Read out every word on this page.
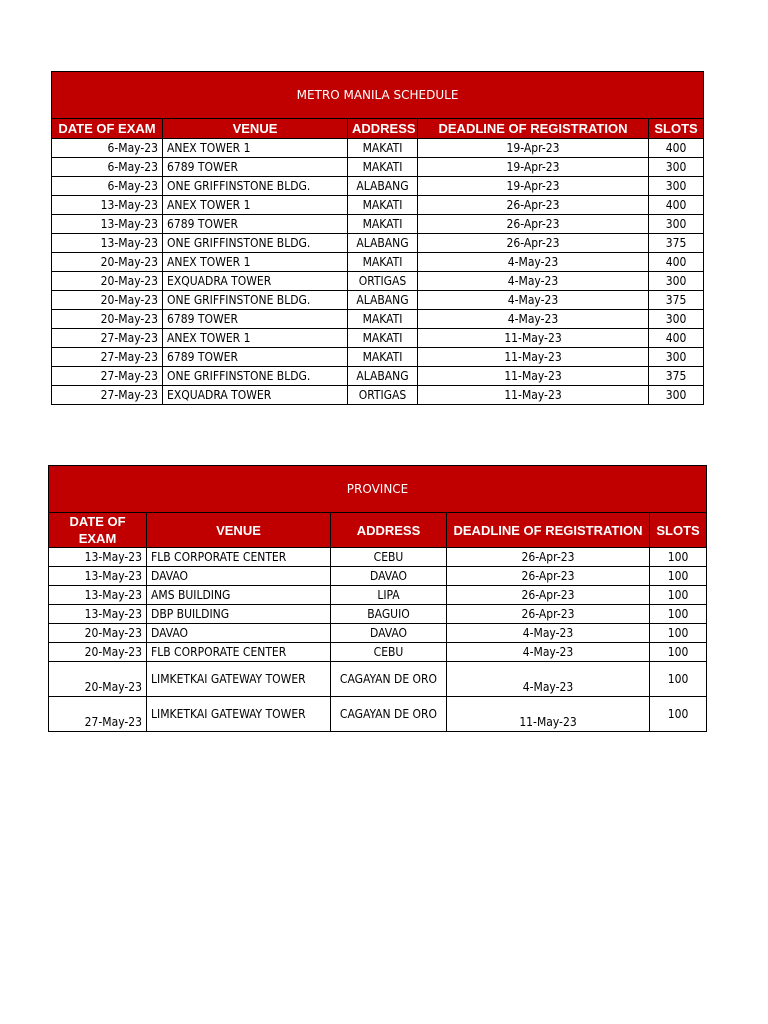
METRO MANILA SCHEDULE				
DATE OF EXAM	VENUE	ADDRESS	DEADLINE OF REGISTRATION	SLOTS
6-May-23	ANEX TOWER 1	MAKATI	19-Apr-23	400
6-May-23	6789 TOWER	MAKATI	19-Apr-23	300
6-May-23	ONE GRIFFINSTONE BLDG.	ALABANG	19-Apr-23	300
13-May-23	ANEX TOWER 1	MAKATI	26-Apr-23	400
13-May-23	6789 TOWER	MAKATI	26-Apr-23	300
13-May-23	ONE GRIFFINSTONE BLDG.	ALABANG	26-Apr-23	375
20-May-23	ANEX TOWER 1	MAKATI	4-May-23	400
20-May-23	EXQUADRA TOWER	ORTIGAS	4-May-23	300
20-May-23	ONE GRIFFINSTONE BLDG.	ALABANG	4-May-23	375
20-May-23	6789 TOWER	MAKATI	4-May-23	300
27-May-23	ANEX TOWER 1	MAKATI	11-May-23	400
27-May-23	6789 TOWER	MAKATI	11-May-23	300
27-May-23	ONE GRIFFINSTONE BLDG.	ALABANG	11-May-23	375
27-May-23	EXQUADRA TOWER	ORTIGAS	11-May-23	300
PROVINCE				
DATE OF EXAM	VENUE	ADDRESS	DEADLINE OF REGISTRATION	SLOTS
13-May-23	FLB CORPORATE CENTER	CEBU	26-Apr-23	100
13-May-23	DAVAO	DAVAO	26-Apr-23	100
13-May-23	AMS BUILDING	LIPA	26-Apr-23	100
13-May-23	DBP BUILDING	BAGUIO	26-Apr-23	100
20-May-23	DAVAO	DAVAO	4-May-23	100
20-May-23	FLB CORPORATE CENTER	CEBU	4-May-23	100
20-May-23	LIMKETKAI GATEWAY TOWER	CAGAYAN DE ORO	4-May-23	100
27-May-23	LIMKETKAI GATEWAY TOWER	CAGAYAN DE ORO	11-May-23	100
